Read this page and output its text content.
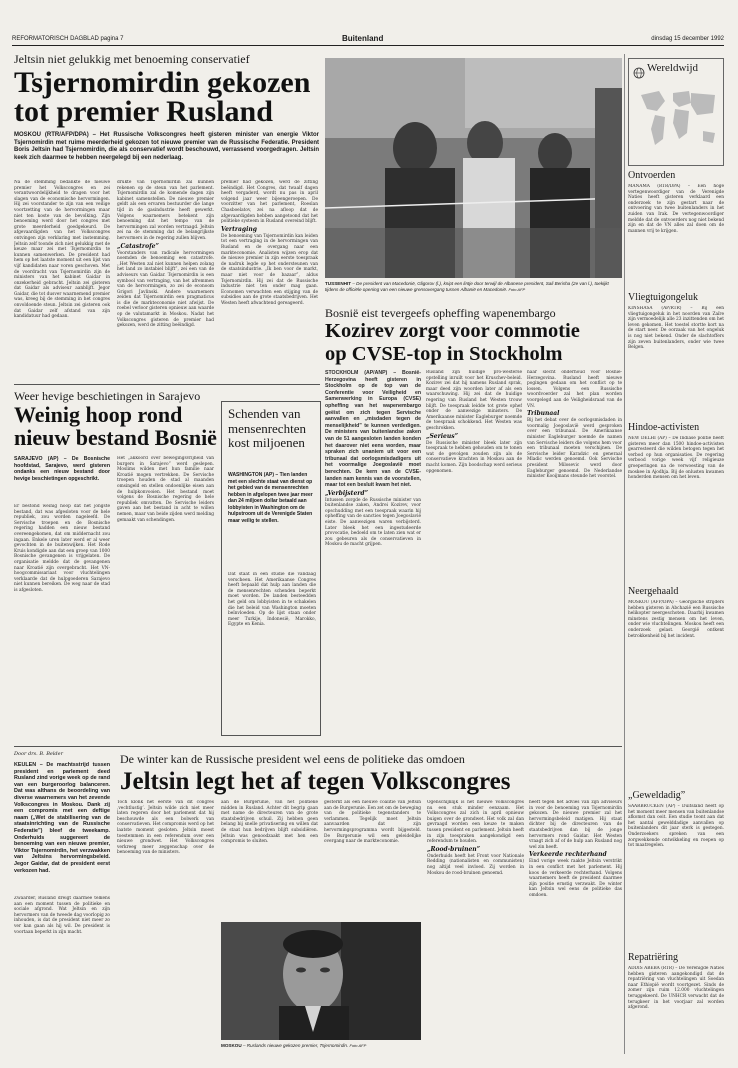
REFORMATORISCH DAGBLAD pagina 7	Buitenland	dinsdag 15 december 1992
Jeltsin niet gelukkig met benoeming conservatief
Tsjernomirdin gekozen
tot premier Rusland
MOSKOU (RTR/AFP/DPA) – Het Russische Volkscongres heeft gisteren minister van energie Viktor Tsjernomirdin met ruime meerderheid gekozen tot nieuwe premier van de Russische Federatie. President Boris Jeltsin had Tsjernomirdin, die als conservatief wordt beschouwd, verrassend voorgedragen. Jeltsin keek zich daarmee te hebben neergelegd bij een nederlaag.
Na de stemming bedankte de nieuwe premier het Volkscongres en zei verantwoordelijkheid te dragen voor het slagen van de economische hervormingen. Hij zei voorstander te zijn van een veilige voortzetting van de hervormingen maar niet ten koste van de bevolking. Zijn benoeming werd door het congres met grote meerderheid goedgekeurd. De afgevaardigden van het Volkscongres ontvingen zijn verklaring met instemming. Jeltsin zelf toonde zich niet gelukkig met de keuze maar zei met Tsjernomirdin te kunnen samenwerken. De president had hem op het laatste moment uit een lijst van vijf kandidaten naar voren geschoven. Met de voordracht van Tsjernomirdin zijn de ministers van het kabinet Gaidar in onzekerheid gebracht. Jeltsin zei gisteren dat Gaidar als adviseur aanblijft. Jegor Gaidar, die tot dusver waarnemend premier was, kreeg bij de stemming in het congres onvoldoende steun. Jeltsin zei gisteren ook dat Gaidar zelf afstand van zijn kandidatuur had gedaan.
drukte van Tsjernomirdin zal kunnen rekenen op de steun van het parlement. Tsjernomirdin zal de komende dagen zijn kabinet samenstellen. De nieuwe premier geldt als een ervaren bestuurder die lange tijd in de gasindustrie heeft gewerkt. Volgens waarnemers betekent zijn benoeming dat het tempo van de hervormingen zal worden vertraagd. Jeltsin zei na de stemming dat de belangrijkste hervormers in de regering zullen blijven.
„Catastrofe”
Voorstanders van radicale hervormingen noemden de benoeming een catastrofe. ,,Het Westen zal niet kunnen helpen zolang het land zo instabiel blijft”, zei een van de adviseurs van Gaidar. Tsjernomirdin is een symbool van vertraging, van het afremmen van de hervormingen, zo zei de econoom Grigori Javlinski. Andere waarnemers zeiden dat Tsjernomirdin een pragmaticus is die de markteconomie niet afwijst. De roebel verloor gisteren opnieuw aan waarde op de valutamarkt in Moskou. Nadat het Volkscongres gisteren de premier had gekozen, werd de zitting beëindigd.
premier had gekozen, werd de zitting beëindigd. Het Congres, dat twaalf dagen heeft vergaderd, wordt nu pas in april volgend jaar weer bijeengeroepen. De voorzitter van het parlement, Roeslan Chasboelatov, zei na afloop dat de afgevaardigden hebben aangetoond dat het politieke systeem in Rusland overeind blijft.
Vertraging
De benoeming van Tsjernomirdin kan leiden tot een vertraging in de hervormingen van Rusland en de overgang naar een markteconomie. Analisten wijzen erop dat de nieuwe premier in zijn eerste toespraak de nadruk legde op het ondersteunen van de staatsindustrie. „Ik ben voor de markt, maar niet voor de bazaar”, aldus Tsjernomirdin. Hij zei dat de Russische industrie niet ten onder mag gaan. Economen verwachten een stijging van de subsidies aan de grote staatsbedrijven. Het Westen heeft afwachtend gereageerd.
TUSSENHIT – De president van Macedonië, Gligorov (l.), knipt een lintje door terwijl de Albanese president, Sali Berisha (2e van l.), toekijkt tijdens de officiële opening van een nieuwe grensovergang tussen Albanië en Macedonië. Foto AFP
Bosnië eist tevergeefs opheffing wapenembargo
Kozirev zorgt voor commotie
op CVSE-top in Stockholm
STOCKHOLM (AP/ANP) – Bosnië-Herzegovina heeft gisteren in Stockholm op de top van de Conferentie voor Veiligheid en Samenwerking in Europa (CVSE) opheffing van het wapenembargo geëist om zich tegen Servische aanvallen en „misdaden tegen de menselijkheid” te kunnen verdedigen. De ministers van buitenlandse zaken van de 51 aangesloten landen konden het daarover niet eens worden, maar spraken zich unaniem uit voor een tribunaal dat oorlogsmisdadigers uit het voormalige Joegoslavië moet berechten. De kern van de CVSE-landen nam kennis van de voorstellen, maar tot een besluit kwam het niet.
„Verbijsterd”
Intussen zorgde de Russische minister van buitenlandse zaken, Andrei Kozirev, voor opschudding met een toespraak waarin hij opheffing van de sancties tegen Joegoslavië eiste. De aanwezigen waren verbijsterd. Later bleek het een ingestudeerde provocatie, bedoeld om te laten zien wat er zou gebeuren als de conservatieven in Moskou de macht grijpen.
Rusland zijn huidige pro-westerse opstelling inruilt voor het Kruschev-beleid. Kozirev zei dat hij namens Rusland sprak, maar deed zijn woorden later af als een waarschuwing. Hij zei dat de huidige regering van Rusland het Westen trouw blijft. De toespraak leidde tot grote ophef onder de aanwezige ministers. De Amerikaanse minister Eagleburger noemde de toespraak schokkend. Het Westen was geschrokken.
„Serieus”
De Russische minister bleek later zijn toespraak te hebben gehouden om te tonen wat de gevolgen zouden zijn als de conservatieve krachten in Moskou aan de macht komen. Zijn boodschap werd serieus opgenomen.
naar slecht onderhoud voor Bosnië-Herzegovina. Rusland heeft nieuwe pogingen gedaan om het conflict op te lossen. Volgens een Russische woordvoerder zal het plan worden voorgelegd aan de Veiligheidsraad van de VN.
Tribunaal
Bij het debat over de oorlogsmisdaden in voormalig Joegoslavië werd gesproken over een tribunaal. De Amerikaanse minister Eagleburger noemde de namen van Servische leiders die volgens hem voor een tribunaal moeten verschijnen. De Servische leider Karadzic en generaal Mladic werden genoemd. Ook Servische president Milosevic werd door Eagleburger genoemd. De Nederlandse minister Kooijmans steunde het voorstel.
Weer hevige beschietingen in Sarajevo
Weinig hoop rond
nieuw bestand Bosnië
SARAJEVO (AP) – De Bosnische hoofdstad, Sarajevo, werd gisteren ondanks een nieuw bestand door hevige beschietingen opgeschrikt.
Er bestond weinig hoop dat het jongste bestand, dat was afgesloten voor de hele republiek, zou worden nageleefd. De Servische troepen en de Bosnische regering hadden een nieuw bestand overeengekomen, dat om middernacht zou ingaan. Enkele uren later werd er al weer gevochten in de buitenwijken. Het Rode Kruis kondigde aan dat een groep van 1000 Bosnische gevangenen is vrijgelaten. De organisatie meldde dat de gevangenen naar Kroatië zijn overgebracht. Het VN-hoogcommissariaat voor vluchtelingen verklaarde dat de hulpgoederen Sarajevo niet kunnen bereiken. De weg naar de stad is afgesloten.
Het „akkoord over bewegingsvrijheid van burgers in Sarajevo” werd geslepen. Moslims wilden met hun familie naar Kroatië mogen vertrekken. De Servische troepen houden de stad al maanden omsingeld en stellen ondoenlijke eisen aan de hulpkonvooien. Het bestand moet volgens de Bosnische regering de hele republiek omvatten. De Servische leiders gaven aan het bestand in acht te willen nemen, maar van beide zijden werd melding gemaakt van schendingen.
Schenden van mensenrechten kost miljoenen
WASHINGTON (AP) – Tien landen met een slechte staat van dienst op het gebied van de mensenrechten hebben in afgelopen twee jaar meer dan 24 miljoen dollar betaald aan lobbyisten in Washington om de hulpstroom uit de Verenigde Staten maar veilig te stellen.
Dat staat in een studie die vandaag verscheen. Het Amerikaanse Congres heeft bepaald dat hulp aan landen die de mensenrechten schenden beperkt moet worden. De landen besteedden het geld om lobbyisten in te schakelen die het beleid van Washington moeten beïnvloeden. Op de lijst staan onder meer Turkije, Indonesië, Marokko, Egypte en Kenia.
Door drs. B. Belder	De winter kan de Russische president wel eens de politieke das omdoen
Jeltsin legt het af tegen Volkscongres
KEULEN – De machtsstrijd tussen president en parlement deed Rusland zind vorige week op de rand van een burgeroorlog balanceren. Dat was althans de beoordeling van diverse waarnemers van het zevende Volkscongres in Moskou. Dank zij een compromis met een deftige naam („Wet de stabilisering van de staatsinrichting van de Russische Federatie”) bleef de tweekamp. Onderhuids suggereert de benoeming van een nieuwe premier, Viktor Tsjernomirdin, het verzwakken van Jeltsins hervormingsbeleid. Jegor Gaidar, dat de president eerst verkozen had.
Zwaarder, Rusland dreigt daarmee telkens aan een moment tussen de politieke en sociale afgrond. Wat Jeltsin en zijn hervormers van de tweede dag voorlopig zo inhouden, is dat de president niet meer zo ver kan gaan als hij wil. De president is voortaan beperkt in zijn macht.
Toch klonk het eerste van dit congres ‚vechtlustig’. Jeltsin wilde zich niet meer laten regeren door het parlement dat hij beschouwde als een bolwerk van conservatieven. Het compromis werd op het laatste moment gesloten. Jeltsin moest toestemmen in een referendum over een nieuwe grondwet. Het Volkscongres verkreeg meer zeggenschap over de benoeming van de ministers.
aan de Burgerunie, van het politieke midden in Rusland. Achter dit begrip gaan met name de directeuren van de grote staatsbedrijven schuil. Zij hebben geen belang bij snelle privatisering en willen dat de staat hun bedrijven blijft subsidiëren. Jeltsin was genoodzaakt met hen een compromis te sluiten.
gesterkt als een nieuwe coalitie van Jeltsin aan de Burgerunie. Een zet om de beweging van de politieke tegenstanders te verlammen. Tegelijk moet Jeltsin aanvaarden dat zijn hervormingsprogramma wordt bijgesteld. De Burgerunie wil een geleidelijke overgang naar de markteconomie.
Ogenschijnlijk is het nieuwe Volkscongres nu een stuk minder eenzaam. Het Volkscongres zal zich in april opnieuw buigen over de grondwet. Het volk zal dan gevraagd worden een keuze te maken tussen president en parlement. Jeltsin heeft in zijn toespraken aangekondigd een referendum te houden.
„Rood-bruinen”
Onderhuids heeft het Front voor Nationale Redding (nationalisten en communisten) nog altijd veel invloed. Zij worden in Moskou de rood-bruinen genoemd.
heeft tegen het advies van zijn adviseurs in voor de benoeming van Tsjernomirdin gekozen. De nieuwe premier zal het hervormingsbeleid matigen. Hij staat dichter bij de directeuren van de staatsbedrijven dan bij de jonge hervormers rond Gaidar. Het Westen vraagt zich af of de hulp aan Rusland nog wel zin heeft.
Verkeerde rechterhand
Eind vorige week raakte Jeltsin verstrikt in een conflict met het parlement. Hij koos de verkeerde rechterhand. Volgens waarnemers heeft de president daarmee zijn positie ernstig verzwakt. De winter kan Jeltsin wel eens de politieke das omdoen.
MOSKOU – Ruslands nieuwe gekozen premier, Tsjernomirdin. Foto AFP
Wereldwijd
Ontvoerden
MANAMA (RTR/DPA) – Een hoge vertegenwoordiger van de Verenigde Naties heeft gisteren verklaard een onderzoek te zijn gestart naar de ontvoering van twee buitenlanders in het zuiden van Irak. De vertegenwoordiger meldde dat de ontvoerders nog niet bekend zijn en dat de VN alles zal doen om de mannen vrij te krijgen.
Vliegtuigongeluk
KINSHASA (AP/RTR) – Bij een vliegtuigongeluk in het noorden van Zaïre zijn vermoedelijk alle 23 inzittenden om het leven gekomen. Het toestel stortte kort na de start neer. De oorzaak van het ongeluk is nog niet bekend. Onder de slachtoffers zijn zeven buitenlanders, onder wie twee Belgen.
Hindoe-activisten
NEW DELHI (AP) – De Indiase politie heeft gisteren meer dan 1500 hindoe-activisten gearresteerd die wilden betogen tegen het verbod op hun organisaties. De regering verbood vorige week vijf religieuze groeperingen na de verwoesting van de moskee in Ajodhja. Bij de onlusten kwamen honderden mensen om het leven.
Neergehaald
MOSKOU (AFP/DPA) – Georgische strijders hebben gisteren in Abchazië een Russische helikopter neergeschoten. Daarbij kwamen minstens zestig mensen om het leven, onder wie vluchtelingen. Moskou heeft een onderzoek gelast. Georgië ontkent betrokkenheid bij het incident.
„Geweldadig”
SAARBRUCKEN (AP) – Duitsland heeft op het moment meer mensen van buitenlandse afkomst dan ooit. Een studie toont aan dat het aantal gewelddadige aanvallen op buitenlanders dit jaar sterk is gestegen. Onderzoekers spreken van een zorgwekkende ontwikkeling en roepen op tot maatregelen.
Repatriëring
ADDIS ABEBA (RTR) – De Verenigde Naties hebben gisteren aangekondigd dat de repatriëring van vluchtelingen uit Soedan naar Ethiopië wordt voortgezet. Sinds de zomer zijn ruim 12.000 vluchtelingen teruggekeerd. De UNHCR verwacht dat de terugkeer in het voorjaar zal worden afgerond.
